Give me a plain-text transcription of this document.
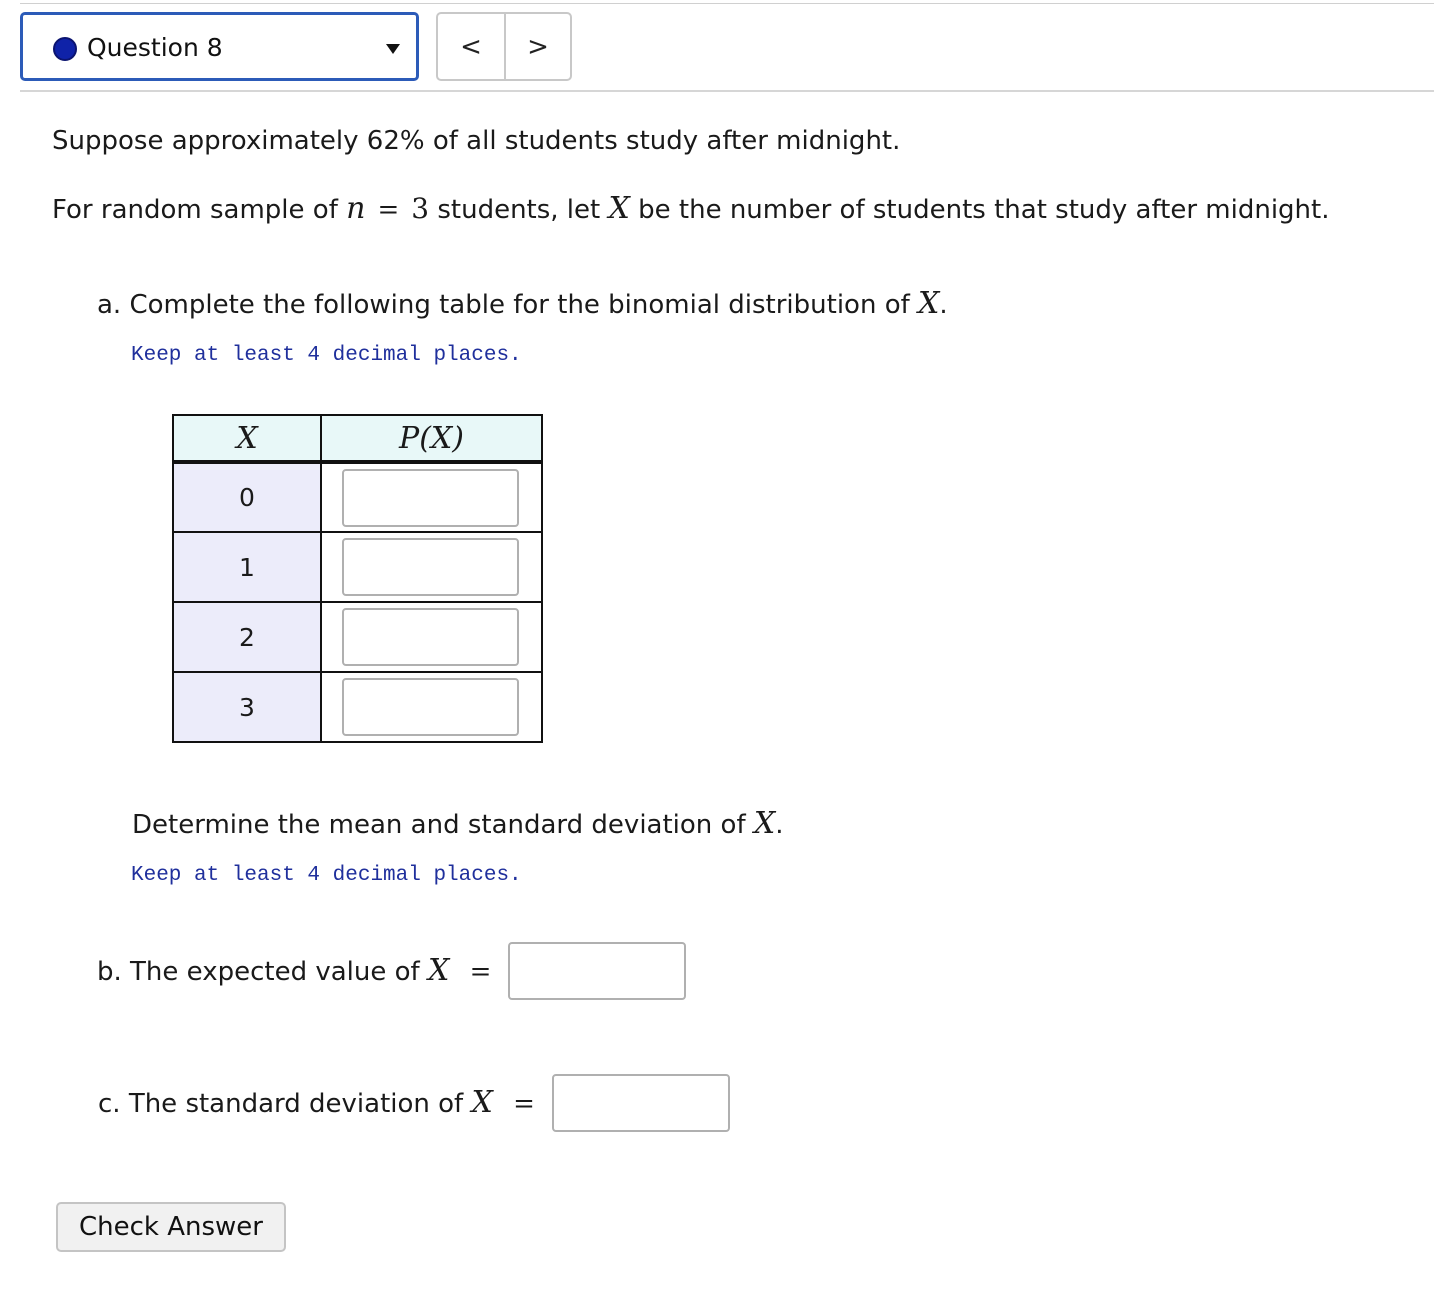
Question 8	<	>
Suppose approximately 62% of all students study after midnight.
For random sample of n = 3 students, let X be the number of students that study after midnight.
a. Complete the following table for the binomial distribution of X.
Keep at least 4 decimal places.
X	P(X)
0	

1	

2	

3	
Determine the mean and standard deviation of X.
Keep at least 4 decimal places.
b. The expected value of X =
c. The standard deviation of X =
Check Answer
